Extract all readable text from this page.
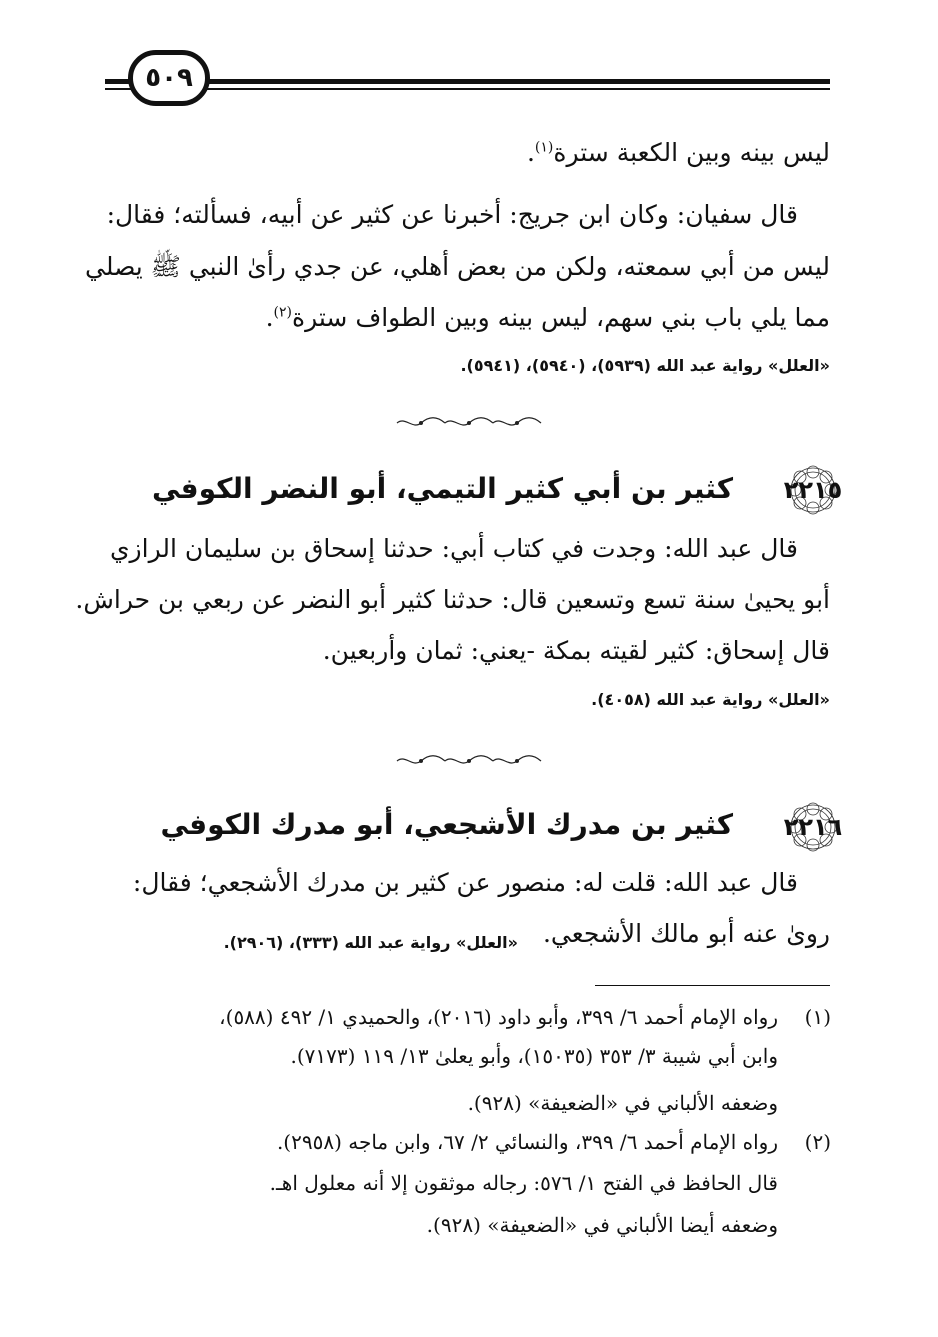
٥٠٩
ليس بينه وبين الكعبة سترة$^{(١)}$.
قال سفيان: وكان ابن جريج: أخبرنا عن كثير عن أبيه، فسألته؛ فقال:
ليس من أبي سمعته، ولكن من بعض أهلي، عن جدي رأىٰ النبي ﷺ يصلي
مما يلي باب بني سهم، ليس بينه وبين الطواف سترة$^{(٢)}$.
«العلل» رواية عبد الله (٥٩٣٩)، (٥٩٤٠)، (٥٩٤١).
٢٢١٥
كثير بن أبي كثير التيمي، أبو النضر الكوفي
قال عبد الله: وجدت في كتاب أبي: حدثنا إسحاق بن سليمان الرازي
أبو يحيىٰ سنة تسع وتسعين قال: حدثنا كثير أبو النضر عن ربعي بن حراش.
قال إسحاق: كثير لقيته بمكة -يعني: ثمان وأربعين.
«العلل» رواية عبد الله (٤٠٥٨).
٢٢١٦
كثير بن مدرك الأشجعي، أبو مدرك الكوفي
قال عبد الله: قلت له: منصور عن كثير بن مدرك الأشجعي؛ فقال:
روىٰ عنه أبو مالك الأشجعي.
«العلل» رواية عبد الله (٣٣٣)، (٢٩٠٦).
(١)
رواه الإمام أحمد ٦/ ٣٩٩، وأبو داود (٢٠١٦)، والحميدي ١/ ٤٩٢ (٥٨٨)،
وابن أبي شيبة ٣/ ٣٥٣ (١٥٠٣٥)، وأبو يعلىٰ ١٣/ ١١٩ (٧١٧٣).
وضعفه الألباني في «الضعيفة» (٩٢٨).
(٢)
رواه الإمام أحمد ٦/ ٣٩٩، والنسائي ٢/ ٦٧، وابن ماجه (٢٩٥٨).
قال الحافظ في الفتح ١/ ٥٧٦: رجاله موثقون إلا أنه معلول اهـ.
وضعفه أيضا الألباني في «الضعيفة» (٩٢٨).
